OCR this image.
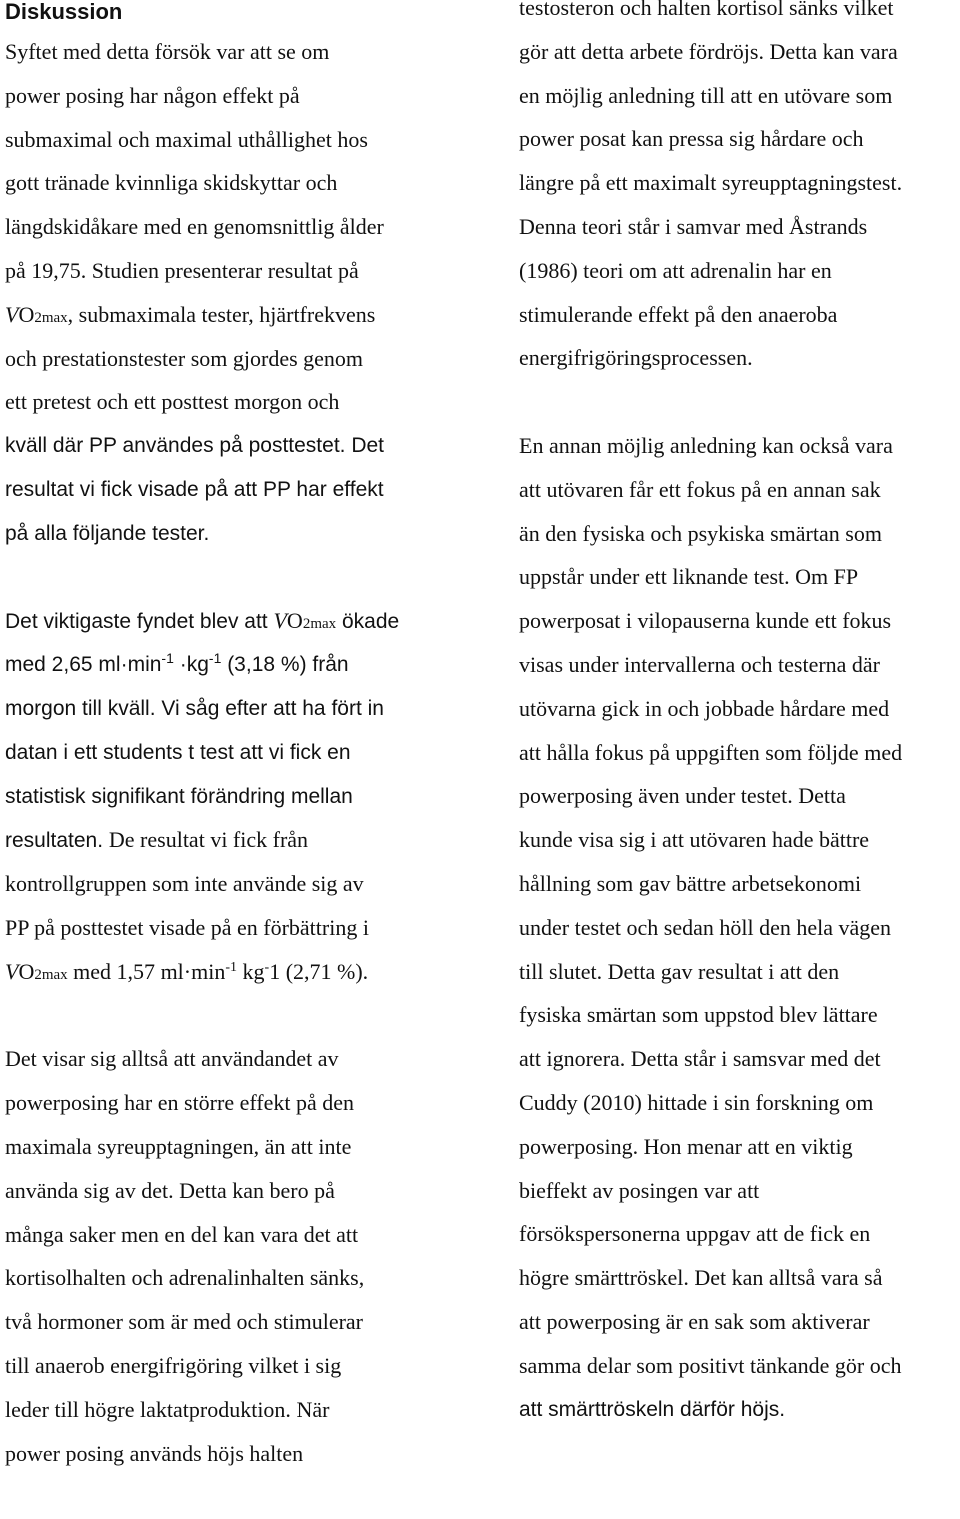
Diskussion
Syftet med detta försök var att se om
power posing har någon effekt på
submaximal och maximal uthållighet hos
gott tränade kvinnliga skidskyttar och
längdskidåkare med en genomsnittlig ålder
på 19,75. Studien presenterar resultat på
VO2max, submaximala tester, hjärtfrekvens
och prestationstester som gjordes genom
ett pretest och ett posttest morgon och
kväll där PP användes på posttestet. Det
resultat vi fick visade på att PP har effekt
på alla följande tester.
Det viktigaste fyndet blev att VO2max ökade
med 2,65 $ml\cdot\min^{-1} \cdot kg^{-1}$ (3,18 %) från
morgon till kväll. Vi såg efter att ha fört in
datan i ett students t test att vi fick en
statistisk signifikant förändring mellan
resultaten. De resultat vi fick från
kontrollgruppen som inte använde sig av
PP på posttestet visade på en förbättring i
VO2max med 1,57 $ml\cdot\min^{-1}$ kg-1 (2,71 %).
Det visar sig alltså att användandet av
powerposing har en större effekt på den
maximala syreupptagningen, än att inte
använda sig av det. Detta kan bero på
många saker men en del kan vara det att
kortisolhalten och adrenalinhalten sänks,
två hormoner som är med och stimulerar
till anaerob energifrigöring vilket i sig
leder till högre laktatproduktion. När
power posing används höjs halten
testosteron och halten kortisol sänks vilket
gör att detta arbete fördröjs. Detta kan vara
en möjlig anledning till att en utövare som
power posat kan pressa sig hårdare och
längre på ett maximalt syreupptagningstest.
Denna teori står i samvar med Åstrands
(1986) teori om att adrenalin har en
stimulerande effekt på den anaeroba
energifrigöringsprocessen.
En annan möjlig anledning kan också vara
att utövaren får ett fokus på en annan sak
än den fysiska och psykiska smärtan som
uppstår under ett liknande test. Om FP
powerposat i vilopauserna kunde ett fokus
visas under intervallerna och testerna där
utövarna gick in och jobbade hårdare med
att hålla fokus på uppgiften som följde med
powerposing även under testet. Detta
kunde visa sig i att utövaren hade bättre
hållning som gav bättre arbetsekonomi
under testet och sedan höll den hela vägen
till slutet. Detta gav resultat i att den
fysiska smärtan som uppstod blev lättare
att ignorera. Detta står i samsvar med det
Cuddy (2010) hittade i sin forskning om
powerposing. Hon menar att en viktig
bieffekt av posingen var att
försökspersonerna uppgav att de fick en
högre smärttröskel. Det kan alltså vara så
att powerposing är en sak som aktiverar
samma delar som positivt tänkande gör och
att smärttröskeln därför höjs.
